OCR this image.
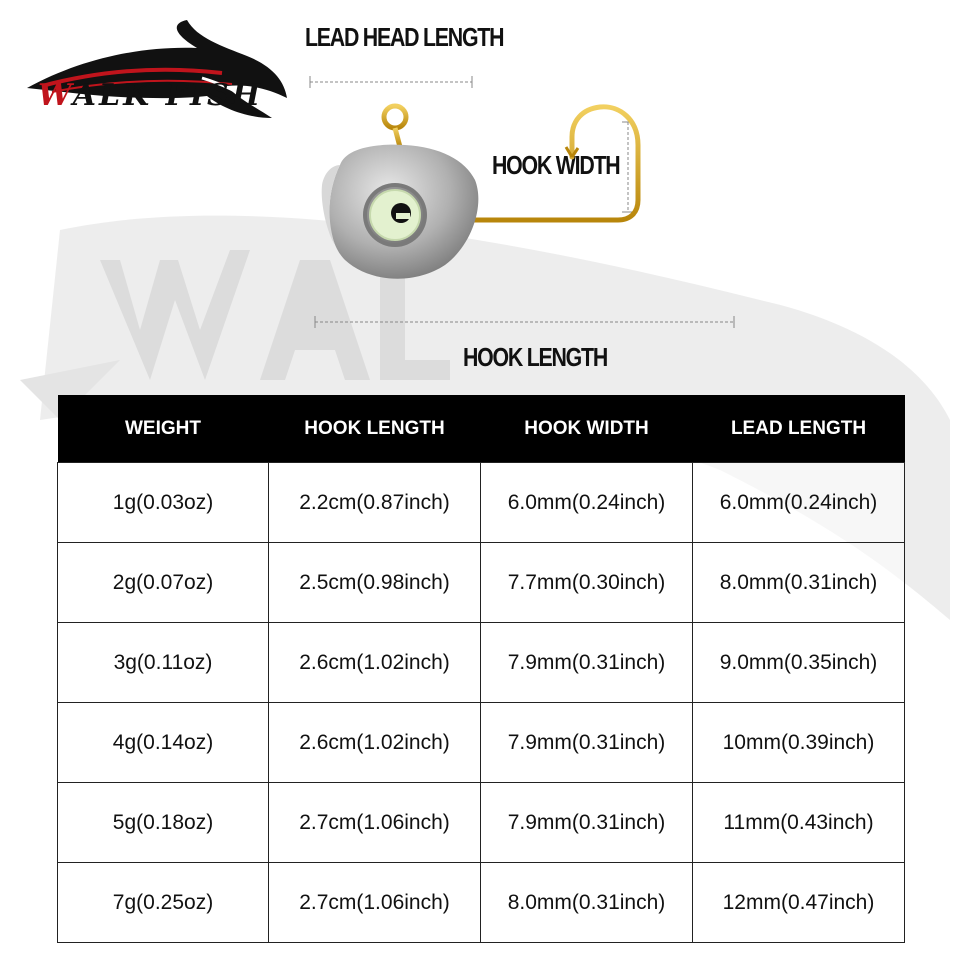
WALK FISH
LEAD HEAD LENGTH
HOOK WIDTH
HOOK LENGTH
WEIGHT	HOOK LENGTH	HOOK WIDTH	LEAD LENGTH
1g(0.03oz)	2.2cm(0.87inch)	6.0mm(0.24inch)	6.0mm(0.24inch)
2g(0.07oz)	2.5cm(0.98inch)	7.7mm(0.30inch)	8.0mm(0.31inch)
3g(0.11oz)	2.6cm(1.02inch)	7.9mm(0.31inch)	9.0mm(0.35inch)
4g(0.14oz)	2.6cm(1.02inch)	7.9mm(0.31inch)	10mm(0.39inch)
5g(0.18oz)	2.7cm(1.06inch)	7.9mm(0.31inch)	11mm(0.43inch)
7g(0.25oz)	2.7cm(1.06inch)	8.0mm(0.31inch)	12mm(0.47inch)
